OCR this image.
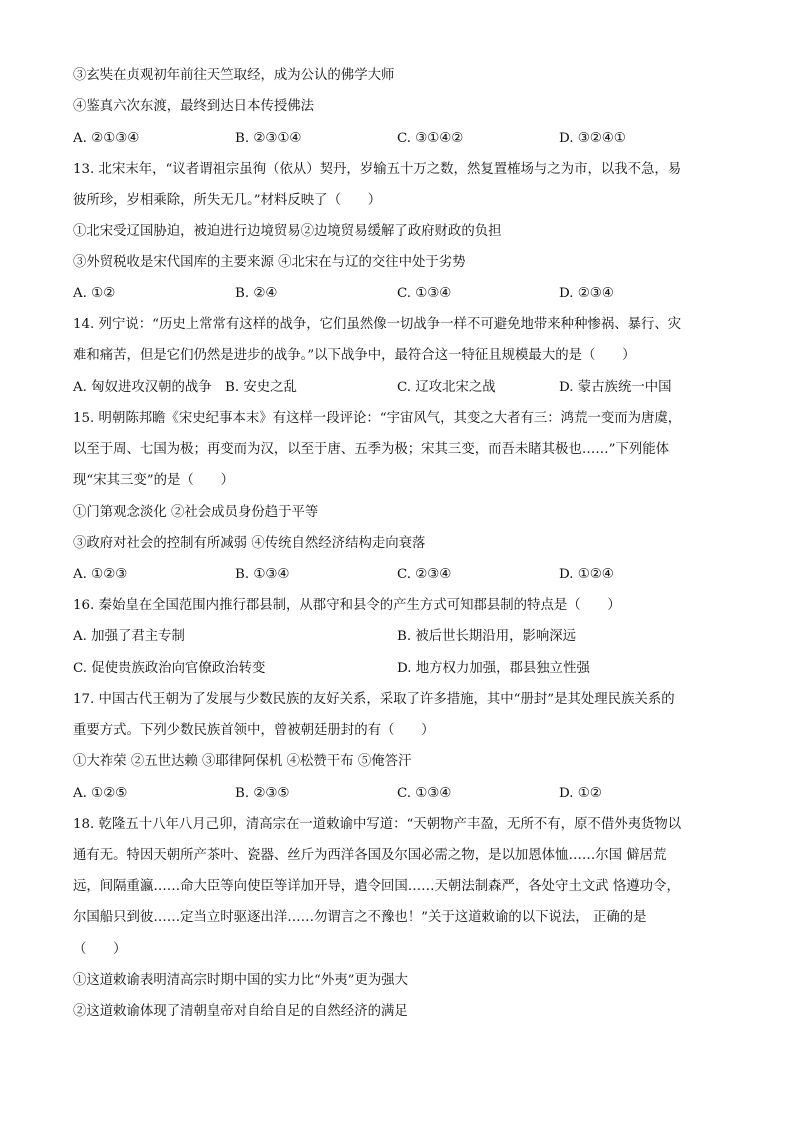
③玄奘在贞观初年前往天竺取经，成为公认的佛学大师
④鉴真六次东渡，最终到达日本传授佛法
A. ②①③④	B. ②③①④	C. ③①④②	D. ③②④①
13. 北宋末年，“议者谓祖宗虽徇（依从）契丹，岁输五十万之数，然复置榷场与之为市，以我不急，易
彼所珍，岁相乘除，所失无几。”材料反映了（　　）
①北宋受辽国胁迫，被迫进行边境贸易②边境贸易缓解了政府财政的负担
③外贸税收是宋代国库的主要来源 ④北宋在与辽的交往中处于劣势
A. ①②	B. ②④	C. ①③④	D. ②③④
14. 列宁说：“历史上常常有这样的战争，它们虽然像一切战争一样不可避免地带来种种惨祸、暴行、灾
难和痛苦，但是它们仍然是进步的战争。”以下战争中，最符合这一特征且规模最大的是（　　）
A. 匈奴进攻汉朝的战争 B. 安史之乱	C. 辽攻北宋之战	D. 蒙古族统一中国
15. 明朝陈邦瞻《宋史纪事本末》有这样一段评论：“宇宙风气，其变之大者有三：鸿荒一变而为唐虞，
以至于周、七国为极；再变而为汉，以至于唐、五季为极；宋其三变，而吾未睹其极也……”下列能体
现“宋其三变”的是（　　）
①门第观念淡化 ②社会成员身份趋于平等
③政府对社会的控制有所减弱 ④传统自然经济结构走向衰落
A. ①②③	B. ①③④	C. ②③④	D. ①②④
16. 秦始皇在全国范围内推行郡县制，从郡守和县令的产生方式可知郡县制的特点是（　　）
A. 加强了君主专制	B. 被后世长期沿用，影响深远
C. 促使贵族政治向官僚政治转变	D. 地方权力加强，郡县独立性强
17. 中国古代王朝为了发展与少数民族的友好关系，采取了许多措施，其中“册封”是其处理民族关系的
重要方式。下列少数民族首领中，曾被朝廷册封的有（　　）
①大祚荣 ②五世达赖 ③耶律阿保机 ④松赞干布 ⑤俺答汗
A. ①②⑤	B. ②③⑤	C. ①③④	D. ①②
18. 乾隆五十八年八月己卯，清高宗在一道敕谕中写道：“天朝物产丰盈，无所不有，原不借外夷货物以
通有无。特因天朝所产茶叶、瓷器、丝斤为西洋各国及尔国必需之物，是以加恩体恤……尔国 僻居荒
远，间隔重瀛……命大臣等向使臣等详加开导，遣令回国……天朝法制森严，各处守土文武 恪遵功令，
尔国船只到彼……定当立时驱逐出洋……勿谓言之不豫也！”关于这道敕谕的以下说法， 正确的是
（　　）
①这道敕谕表明清高宗时期中国的实力比“外夷”更为强大
②这道敕谕体现了清朝皇帝对自给自足的自然经济的满足
